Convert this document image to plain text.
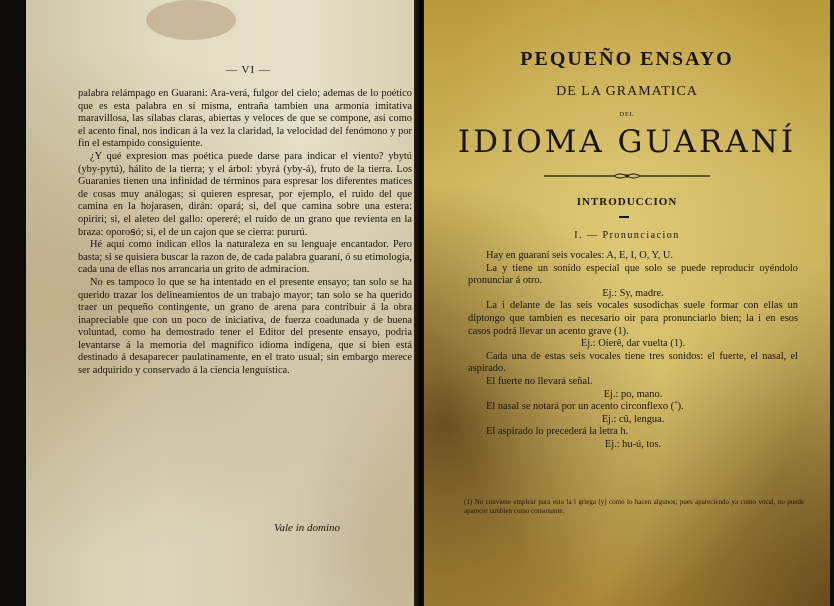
— VI —

palabra relámpago en Guarani: Ara-verá, fulgor del cielo; ademas de lo poético que es esta palabra en sí misma, entraña tambien una armonía imitativa maravillosa, las sílabas claras, abiertas y veloces de que se compone, así como el acento final, nos indican á la vez la claridad, la velocidad del fenómono y por fin el estampido consiguiente.

¿Y qué expresion mas poética puede darse para indicar el viento? ybytú (yby-pytú), hálito de la tierra; y el árbol: ybyrá (yby-á), fruto de la tierra. Los Guaranies tienen una infinidad de términos para espresar los diferentes matices de cosas muy análogas; si quieren espresar, por ejemplo, el ruido del que camina en la hojarasen, dirán: opará; si, del que camina sobre una estera: opiriri; si, el aleteo del gallo: opereré; el ruido de un grano que revienta en la braza: oporoꞩó; si, el de un cajon que se cierra: pururú.

Hé aquí como indican ellos la naturaleza en su lenguaje encantador. Pero basta; si se quisiera buscar la razon de, de cada palabra guaraní, ó su etimología, cada una de ellas nos arrancaria un grito de admiracion.

No es tampoco lo que se ha intentado en el presente ensayo; tan solo se ha querido trazar los delineamientos de un trabajo mayor; tan solo se ha querido traer un pequeño contingente, un grano de arena para contribuir á la obra inapreciable que con un poco de iniciativa, de fuerza coadunada y de buena voluntad, como ha demostrado tener el Editor del presente ensayo, podria levantarse á la memoria del magnífico idioma indígena, que si bien está destinado á desaparecer paulatinamente, en el trato usual; sin embargo merece ser adquirido y conservado á la ciencia lenguística.

Vale in domino
PEQUEÑO ENSAYO
DE LA GRAMATICA
DEL
IDIOMA GUARANÍ
INTRODUCCION
I. — Pronunciacion

Hay en guaraní seis vocales: A, E, I, O, Y, U.

La y tiene un sonido especial que solo se puede reproducir oyéndolo pronunciar á otro.

Ej.: Sy, madre.

La i delante de las seis vocales susodichas suele formar con ellas un diptongo que tambien es necesario oir para pronunciarlo bien; la i en esos casos podrá llevar un acento grave (1).

Ej.: Oierê, dar vuelta (1).

Cada una de estas seis vocales tiene tres sonidos: el fuerte, el nasal, el aspirado.

El fuerte no llevará señal.

Ej.: po, mano.

El nasal se notará por un acento circonflexo (ˆ).

Ej.: cû, lengua.

El aspirado lo precederá la letra h.

Ej.: hu-ú, tos.

(1) No conviene emplear para esto la i griega (y) como lo hacen algunos; pues apareciendo ya como vocal, no puede aparecer tambien como consonante.
